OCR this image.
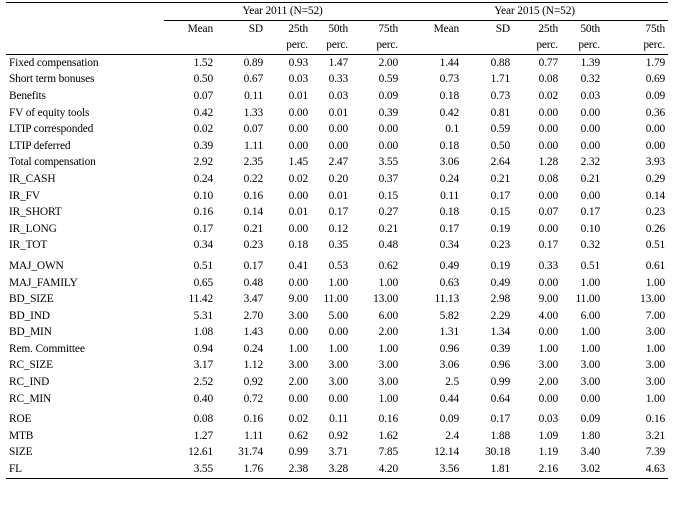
	Year 2011 (N=52)					Year 2015 (N=52)				
	Mean	SD	25th	50th	75th	Mean	SD	25th	50th	75th
			perc.	perc.	perc.			perc.	perc.	perc.
Fixed compensation	1.52	0.89	0.93	1.47	2.00	1.44	0.88	0.77	1.39	1.79
Short term bonuses	0.50	0.67	0.03	0.33	0.59	0.73	1.71	0.08	0.32	0.69
Benefits	0.07	0.11	0.01	0.03	0.09	0.18	0.73	0.02	0.03	0.09
FV of equity tools	0.42	1.33	0.00	0.01	0.39	0.42	0.81	0.00	0.00	0.36
LTIP corresponded	0.02	0.07	0.00	0.00	0.00	0.1	0.59	0.00	0.00	0.00
LTIP deferred	0.39	1.11	0.00	0.00	0.00	0.18	0.50	0.00	0.00	0.00
Total compensation	2.92	2.35	1.45	2.47	3.55	3.06	2.64	1.28	2.32	3.93
IR_CASH	0.24	0.22	0.02	0.20	0.37	0.24	0.21	0.08	0.21	0.29
IR_FV	0.10	0.16	0.00	0.01	0.15	0.11	0.17	0.00	0.00	0.14
IR_SHORT	0.16	0.14	0.01	0.17	0.27	0.18	0.15	0.07	0.17	0.23
IR_LONG	0.17	0.21	0.00	0.12	0.21	0.17	0.19	0.00	0.10	0.26
IR_TOT	0.34	0.23	0.18	0.35	0.48	0.34	0.23	0.17	0.32	0.51
MAJ_OWN	0.51	0.17	0.41	0.53	0.62	0.49	0.19	0.33	0.51	0.61
MAJ_FAMILY	0.65	0.48	0.00	1.00	1.00	0.63	0.49	0.00	1.00	1.00
BD_SIZE	11.42	3.47	9.00	11.00	13.00	11.13	2.98	9.00	11.00	13.00
BD_IND	5.31	2.70	3.00	5.00	6.00	5.82	2.29	4.00	6.00	7.00
BD_MIN	1.08	1.43	0.00	0.00	2.00	1.31	1.34	0.00	1.00	3.00
Rem. Committee	0.94	0.24	1.00	1.00	1.00	0.96	0.39	1.00	1.00	1.00
RC_SIZE	3.17	1.12	3.00	3.00	3.00	3.06	0.96	3.00	3.00	3.00
RC_IND	2.52	0.92	2.00	3.00	3.00	2.5	0.99	2.00	3.00	3.00
RC_MIN	0.40	0.72	0.00	0.00	1.00	0.44	0.64	0.00	0.00	1.00
ROE	0.08	0.16	0.02	0.11	0.16	0.09	0.17	0.03	0.09	0.16
MTB	1.27	1.11	0.62	0.92	1.62	2.4	1.88	1.09	1.80	3.21
SIZE	12.61	31.74	0.99	3.71	7.85	12.14	30.18	1.19	3.40	7.39
FL	3.55	1.76	2.38	3.28	4.20	3.56	1.81	2.16	3.02	4.63
